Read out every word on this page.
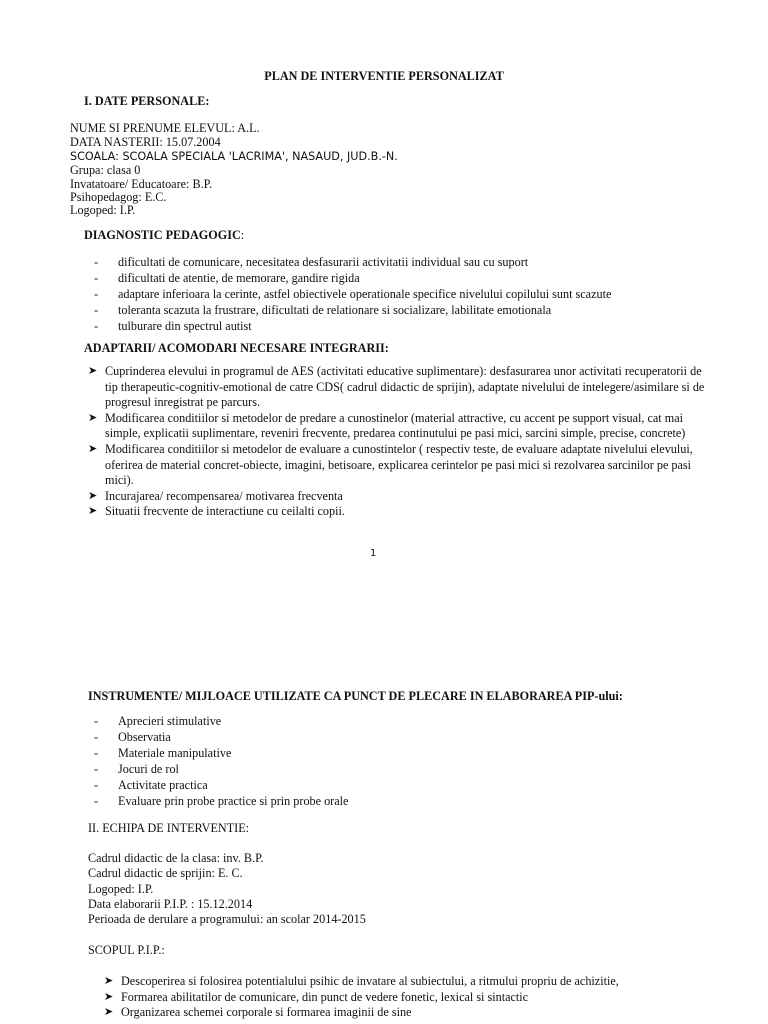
PLAN DE INTERVENTIE PERSONALIZAT
I. DATE PERSONALE:
NUME SI PRENUME ELEVUL: A.L.
DATA NASTERII: 15.07.2004
SCOALA: SCOALA SPECIALA 'LACRIMA', NASAUD, JUD.B.-N.
Grupa: clasa 0
Invatatoare/ Educatoare: B.P.
Psihopedagog: E.C.
Logoped: I.P.
DIAGNOSTIC PEDAGOGIC:
- dificultati de comunicare, necesitatea desfasurarii activitatii individual sau cu suport
- dificultati de atentie, de memorare, gandire rigida
- adaptare inferioara la cerinte, astfel obiectivele operationale specifice nivelului copilului sunt scazute
- toleranta scazuta la frustrare, dificultati de relationare si socializare, labilitate emotionala
- tulburare din spectrul autist
ADAPTARII/ ACOMODARI NECESARE INTEGRARII:
➤ Cuprinderea elevului in programul de AES (activitati educative suplimentare): desfasurarea unor activitati recuperatorii de tip therapeutic-cognitiv-emotional de catre CDS( cadrul didactic de sprijin), adaptate nivelului de intelegere/asimilare si de progresul inregistrat pe parcurs.
➤ Modificarea conditiilor si metodelor de predare a cunostinelor (material attractive, cu accent pe support visual, cat mai simple, explicatii suplimentare, reveniri frecvente, predarea continutului pe pasi mici, sarcini simple, precise, concrete)
➤ Modificarea conditiilor si metodelor de evaluare a cunostintelor ( respectiv teste, de evaluare adaptate nivelului elevului, oferirea de material concret-obiecte, imagini, betisoare, explicarea cerintelor pe pasi mici si rezolvarea sarcinilor pe pasi mici).
➤ Incurajarea/ recompensarea/ motivarea frecventa
➤ Situatii frecvente de interactiune cu ceilalti copii.
1
INSTRUMENTE/ MIJLOACE UTILIZATE CA PUNCT DE PLECARE IN ELABORAREA PIP-ului:
- Aprecieri stimulative
- Observatia
- Materiale manipulative
- Jocuri de rol
- Activitate practica
- Evaluare prin probe practice si prin probe orale
II. ECHIPA DE INTERVENTIE:
Cadrul didactic de la clasa: inv. B.P.
Cadrul didactic de sprijin: E. C.
Logoped: I.P.
Data elaborarii P.I.P. : 15.12.2014
Perioada de derulare a programului: an scolar 2014-2015
SCOPUL P.I.P.:
➤ Descoperirea si folosirea potentialului psihic de invatare al subiectului, a ritmului propriu de achizitie,
➤ Formarea abilitatilor de comunicare, din punct de vedere fonetic, lexical si sintactic
➤ Organizarea schemei corporale si formarea imaginii de sine
